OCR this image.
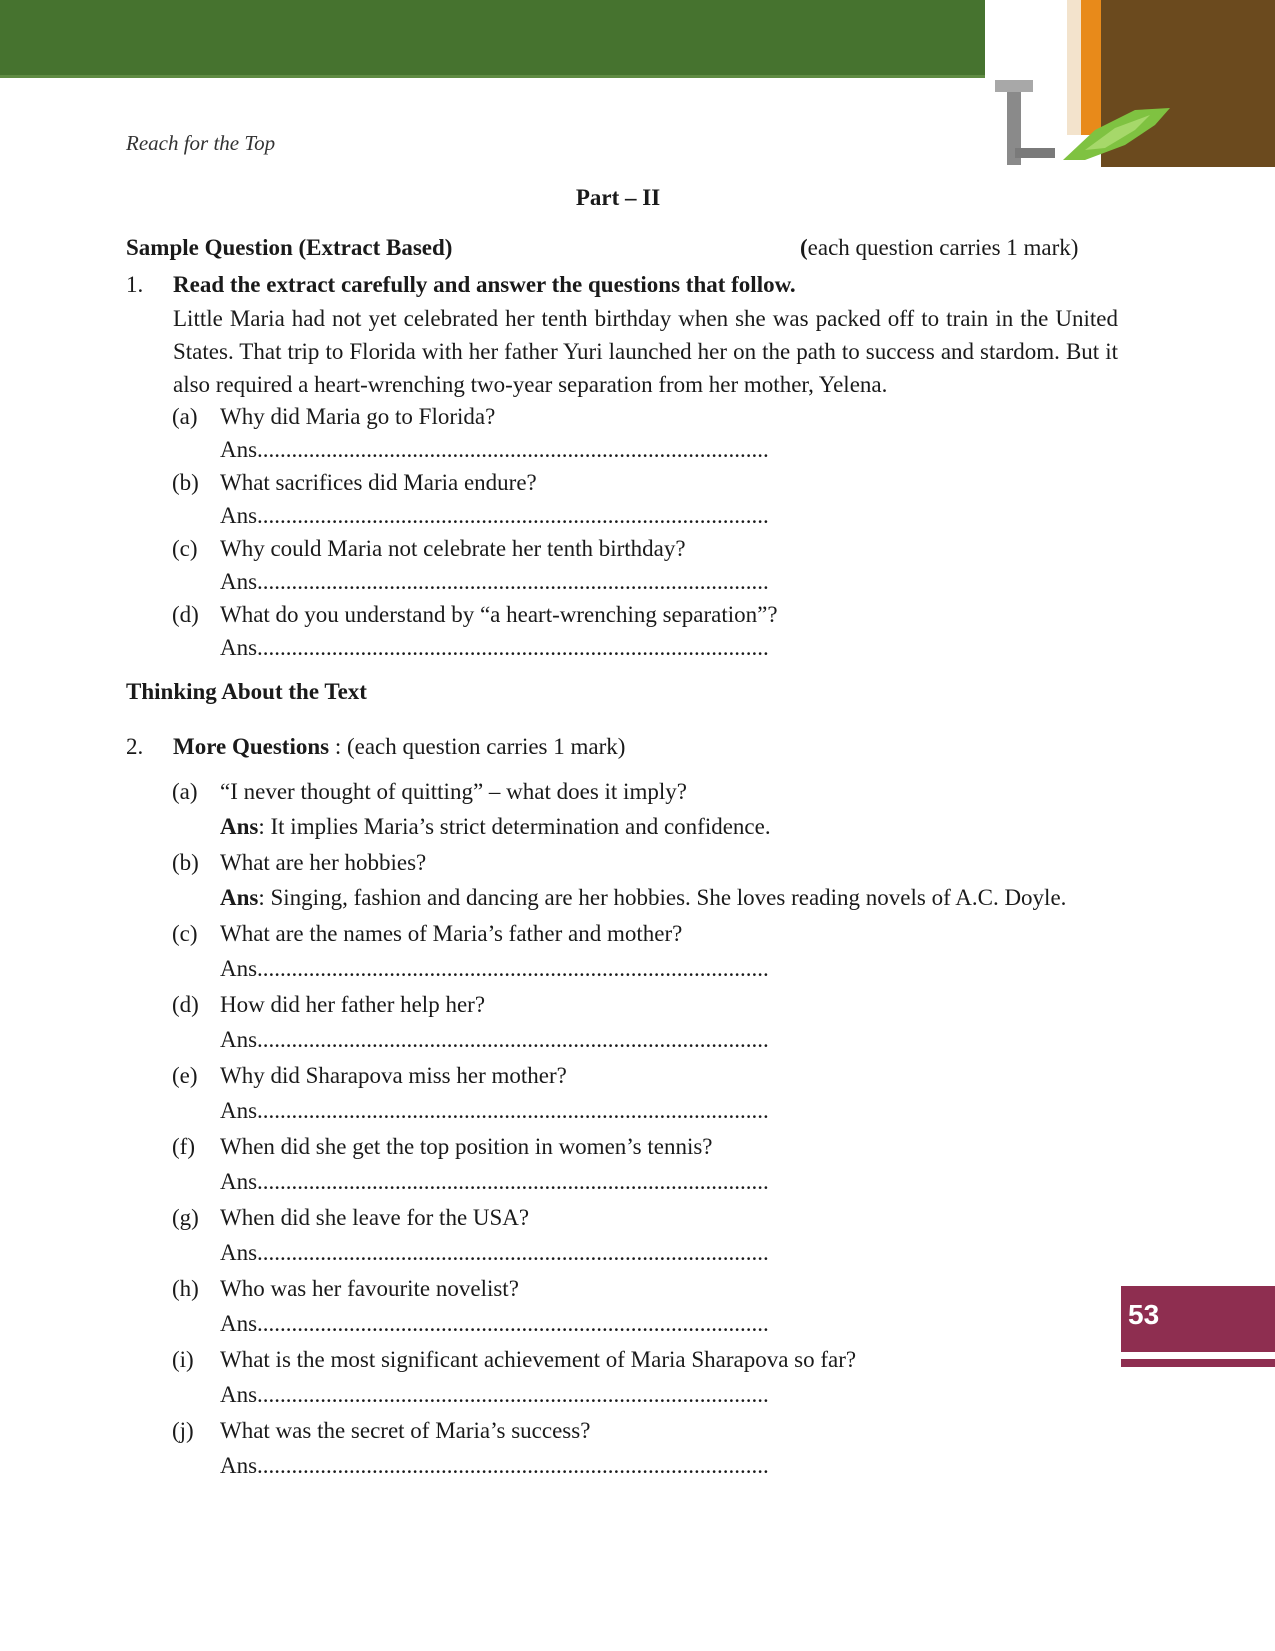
Reach for the Top
53
Part – II
Sample Question (Extract Based)	(each question carries 1 mark)
1. Read the extract carefully and answer the questions that follow.
Little Maria had not yet celebrated her tenth birthday when she was packed off to train in the United States. That trip to Florida with her father Yuri launched her on the path to success and stardom. But it also required a heart-wrenching two-year separation from her mother, Yelena.
(a) Why did Maria go to Florida?
Ans.........................................................................................
(b) What sacrifices did Maria endure?
Ans.........................................................................................
(c) Why could Maria not celebrate her tenth birthday?
Ans.........................................................................................
(d) What do you understand by “a heart-wrenching separation”?
Ans.........................................................................................
Thinking About the Text
2. More Questions : (each question carries 1 mark)
(a) “I never thought of quitting” – what does it imply?
Ans: It implies Maria’s strict determination and confidence.
(b) What are her hobbies?
Ans: Singing, fashion and dancing are her hobbies. She loves reading novels of A.C. Doyle.
(c) What are the names of Maria’s father and mother?
Ans.........................................................................................
(d) How did her father help her?
Ans.........................................................................................
(e) Why did Sharapova miss her mother?
Ans.........................................................................................
(f) When did she get the top position in women’s tennis?
Ans.........................................................................................
(g) When did she leave for the USA?
Ans.........................................................................................
(h) Who was her favourite novelist?
Ans.........................................................................................
(i) What is the most significant achievement of Maria Sharapova so far?
Ans.........................................................................................
(j) What was the secret of Maria’s success?
Ans.........................................................................................
